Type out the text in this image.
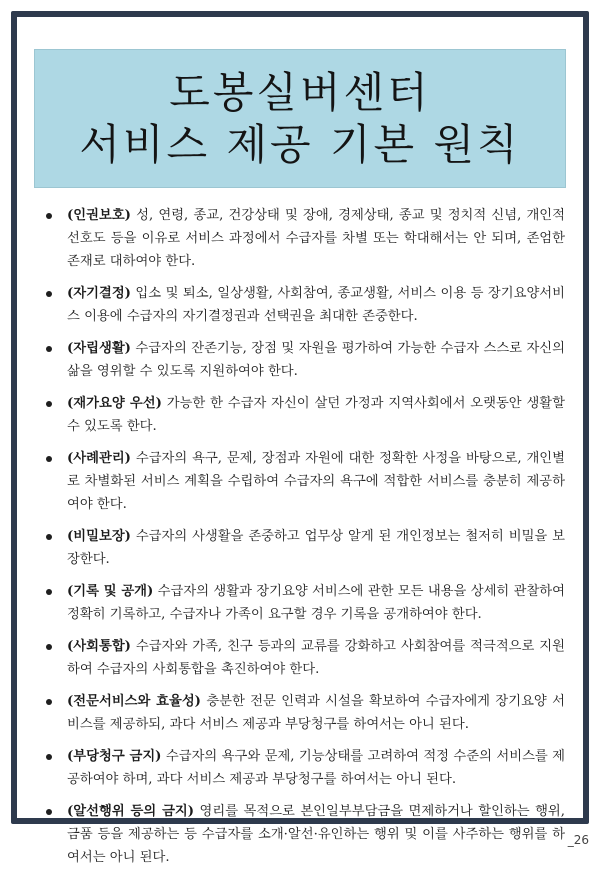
도봉실버센터
서비스 제공 기본 원칙
(인권보호) 성, 연령, 종교, 건강상태 및 장애, 경제상태, 종교 및 정치적 신념, 개인적 선호도 등을 이유로 서비스 과정에서 수급자를 차별 또는 학대해서는 안 되며, 존엄한 존재로 대하여야 한다.
(자기결정) 입소 및 퇴소, 일상생활, 사회참여, 종교생활, 서비스 이용 등 장기요양서비스 이용에 수급자의 자기결정권과 선택권을 최대한 존중한다.
(자립생활) 수급자의 잔존기능, 장점 및 자원을 평가하여 가능한 수급자 스스로 자신의 삶을 영위할 수 있도록 지원하여야 한다.
(재가요양 우선) 가능한 한 수급자 자신이 살던 가정과 지역사회에서 오랫동안 생활할 수 있도록 한다.
(사례관리) 수급자의 욕구, 문제, 장점과 자원에 대한 정확한 사정을 바탕으로, 개인별로 차별화된 서비스 계획을 수립하여 수급자의 욕구에 적합한 서비스를 충분히 제공하여야 한다.
(비밀보장) 수급자의 사생활을 존중하고 업무상 알게 된 개인정보는 철저히 비밀을 보장한다.
(기록 및 공개) 수급자의 생활과 장기요양 서비스에 관한 모든 내용을 상세히 관찰하여 정확히 기록하고, 수급자나 가족이 요구할 경우 기록을 공개하여야 한다.
(사회통합) 수급자와 가족, 친구 등과의 교류를 강화하고 사회참여를 적극적으로 지원하여 수급자의 사회통합을 촉진하여야 한다.
(전문서비스와 효율성) 충분한 전문 인력과 시설을 확보하여 수급자에게 장기요양 서비스를 제공하되, 과다 서비스 제공과 부당청구를 하여서는 아니 된다.
(부당청구 금지) 수급자의 욕구와 문제, 기능상태를 고려하여 적정 수준의 서비스를 제공하여야 하며, 과다 서비스 제공과 부당청구를 하여서는 아니 된다.
(알선행위 등의 금지) 영리를 목적으로 본인일부부담금을 면제하거나 할인하는 행위, 금품 등을 제공하는 등 수급자를 소개·알선·유인하는 행위 및 이를 사주하는 행위를 하여서는 아니 된다.
_26
